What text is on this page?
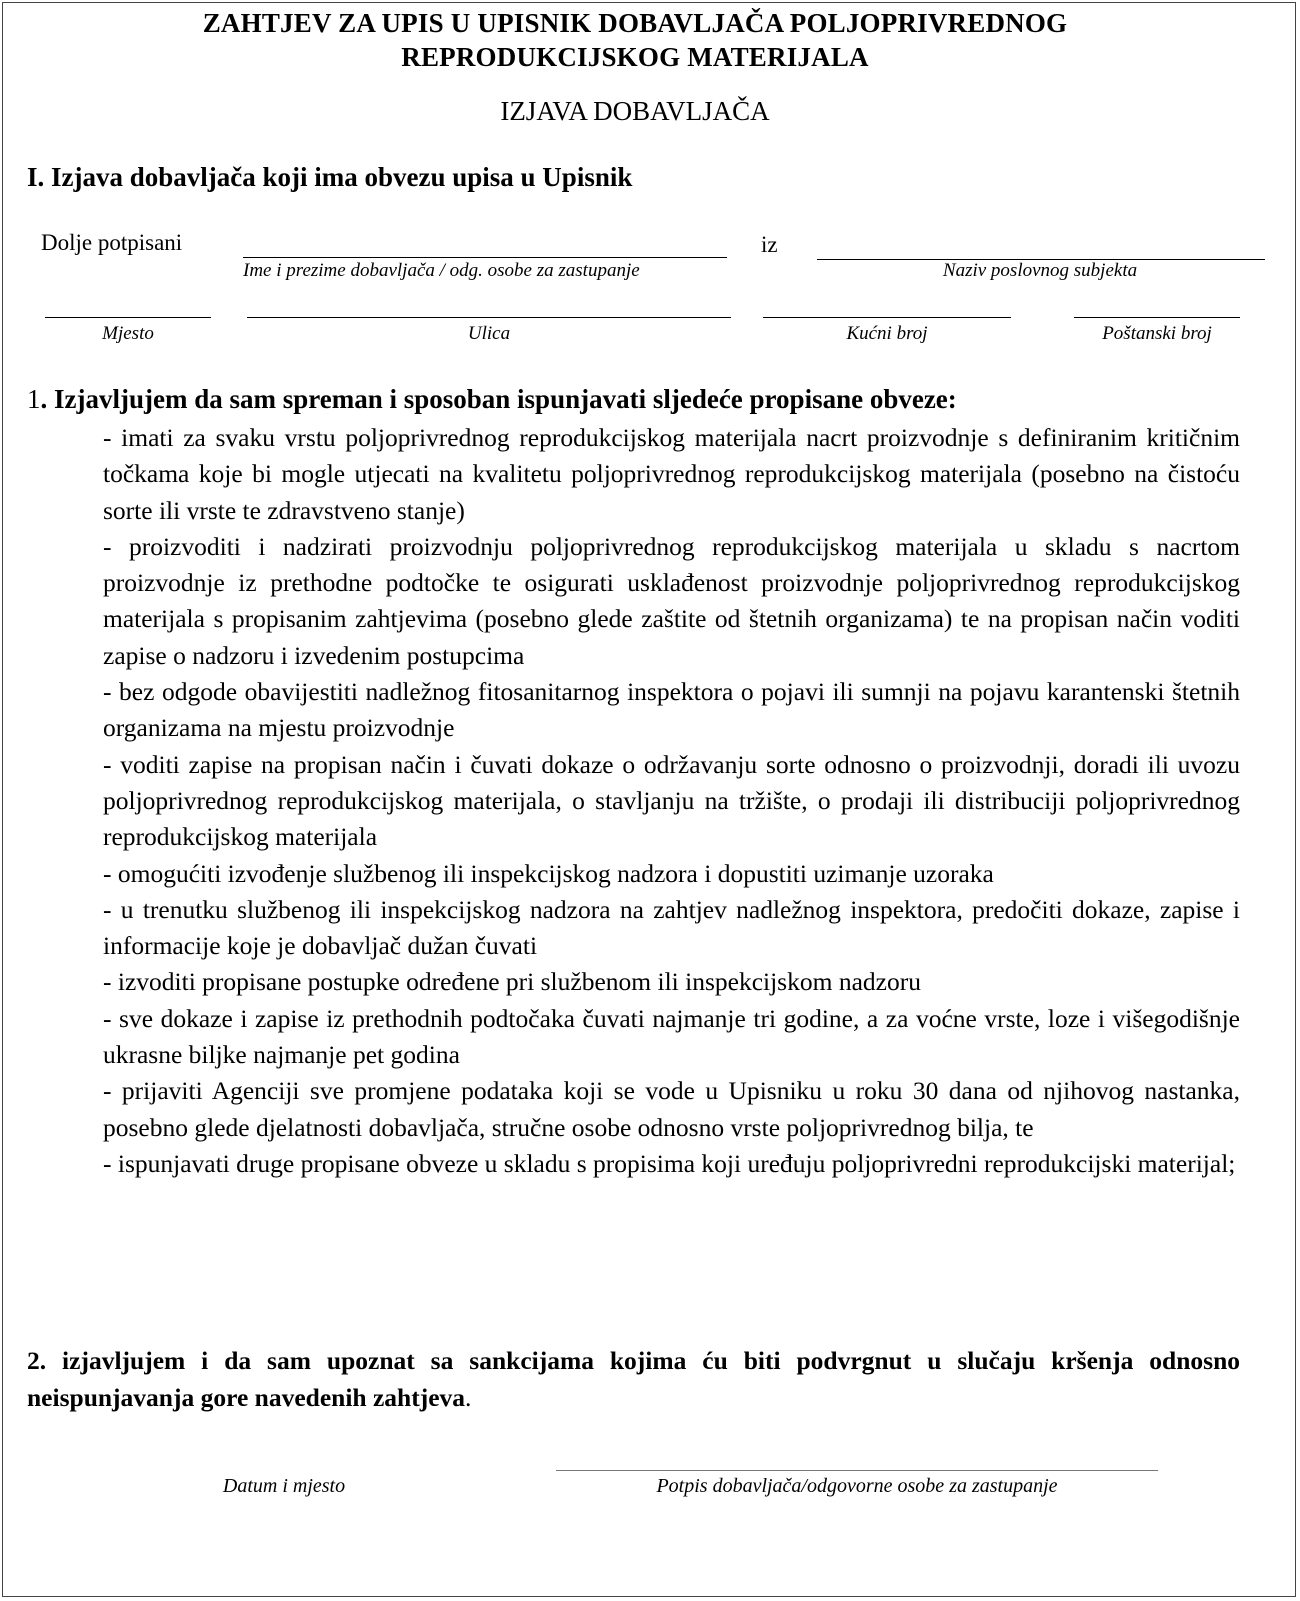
ZAHTJEV ZA UPIS U UPISNIK DOBAVLJAČA POLJOPRIVREDNOG
REPRODUKCIJSKOG MATERIJALA
IZJAVA DOBAVLJAČA
I. Izjava dobavljača koji ima obvezu upisa u Upisnik
Dolje potpisani
Ime i prezime dobavljača / odg. osobe za zastupanje
iz
Naziv poslovnog subjekta
Mjesto	Ulica	Kućni broj	Poštanski broj
1. Izjavljujem da sam spreman i sposoban ispunjavati sljedeće propisane obveze:

- imati za svaku vrstu poljoprivrednog reprodukcijskog materijala nacrt proizvodnje s definiranim kritičnim točkama koje bi mogle utjecati na kvalitetu poljoprivrednog reprodukcijskog materijala (posebno na čistoću sorte ili vrste te zdravstveno stanje)

- proizvoditi i nadzirati proizvodnju poljoprivrednog reprodukcijskog materijala u skladu s nacrtom proizvodnje iz prethodne podtočke te osigurati usklađenost proizvodnje poljoprivrednog reprodukcijskog materijala s propisanim zahtjevima (posebno glede zaštite od štetnih organizama) te na propisan način voditi zapise o nadzoru i izvedenim postupcima

- bez odgode obavijestiti nadležnog fitosanitarnog inspektora o pojavi ili sumnji na pojavu karantenski štetnih organizama na mjestu proizvodnje

- voditi zapise na propisan način i čuvati dokaze o održavanju sorte odnosno o proizvodnji, doradi ili uvozu poljoprivrednog reprodukcijskog materijala, o stavljanju na tržište, o prodaji ili distribuciji poljoprivrednog reprodukcijskog materijala

- omogućiti izvođenje službenog ili inspekcijskog nadzora i dopustiti uzimanje uzoraka

- u trenutku službenog ili inspekcijskog nadzora na zahtjev nadležnog inspektora, predočiti dokaze, zapise i informacije koje je dobavljač dužan čuvati

- izvoditi propisane postupke određene pri službenom ili inspekcijskom nadzoru

- sve dokaze i zapise iz prethodnih podtočaka čuvati najmanje tri godine, a za voćne vrste, loze i višegodišnje ukrasne biljke najmanje pet godina

- prijaviti Agenciji sve promjene podataka koji se vode u Upisniku u roku 30 dana od njihovog nastanka, posebno glede djelatnosti dobavljača, stručne osobe odnosno vrste poljoprivrednog bilja, te

- ispunjavati druge propisane obveze u skladu s propisima koji uređuju poljoprivredni reprodukcijski materijal;

2. izjavljujem i da sam upoznat sa sankcijama kojima ću biti podvrgnut u slučaju kršenja odnosno neispunjavanja gore navedenih zahtjeva.
Datum i mjesto	Potpis dobavljača/odgovorne osobe za zastupanje
